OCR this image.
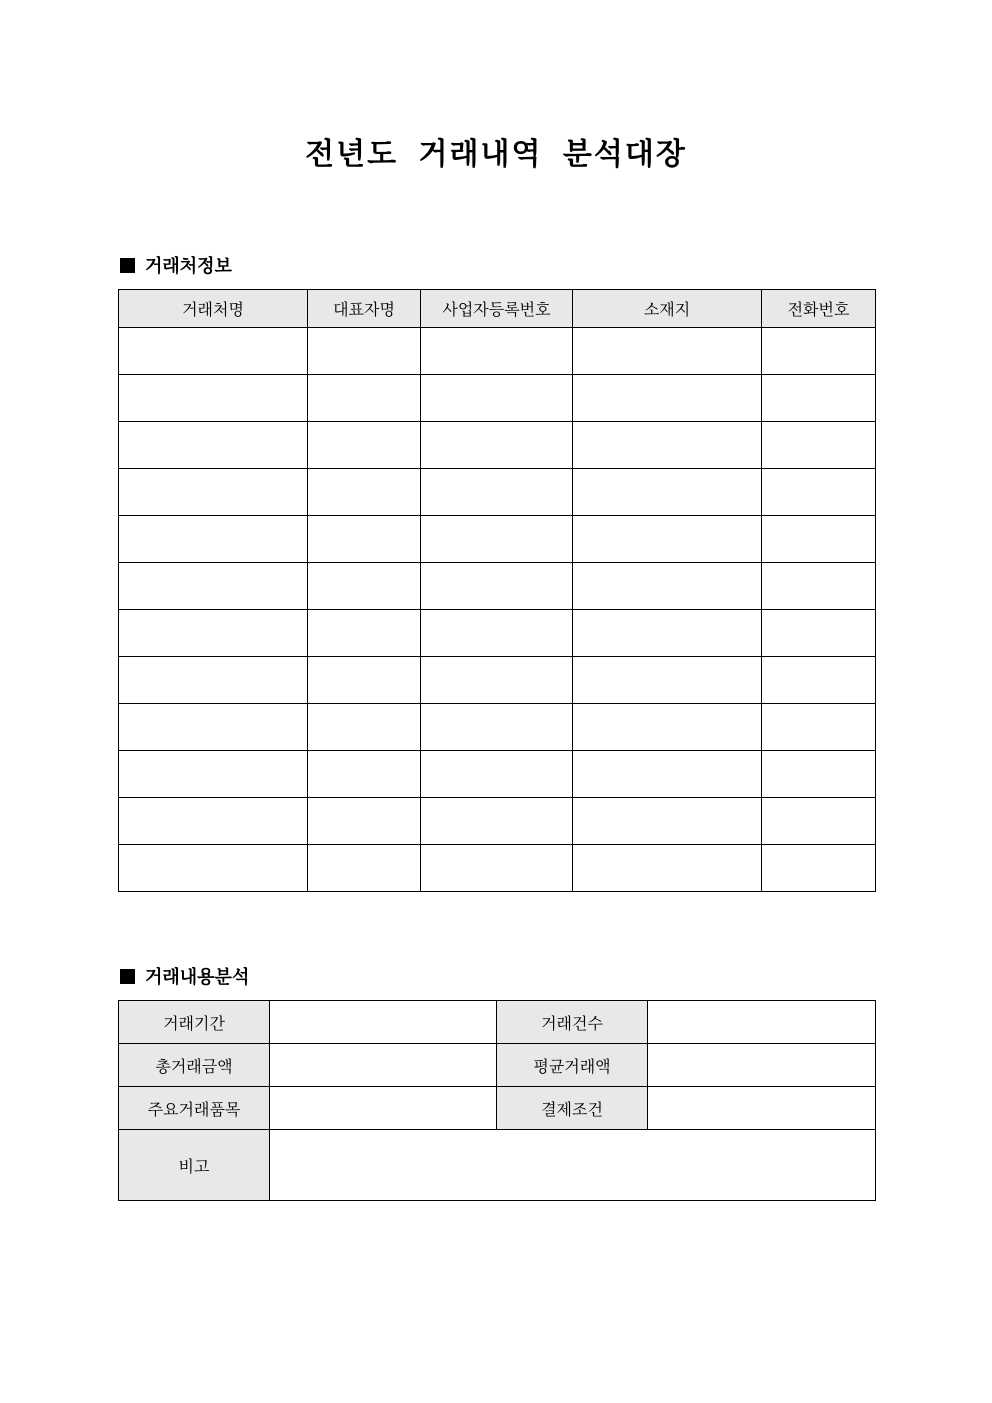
전년도 거래내역 분석대장
거래처정보
거래처명	대표자명	사업자등록번호	소재지	전화번호

거래내용분석
거래기간		거래건수	
총거래금액		평균거래액	
주요거래품목		결제조건	
비고			
